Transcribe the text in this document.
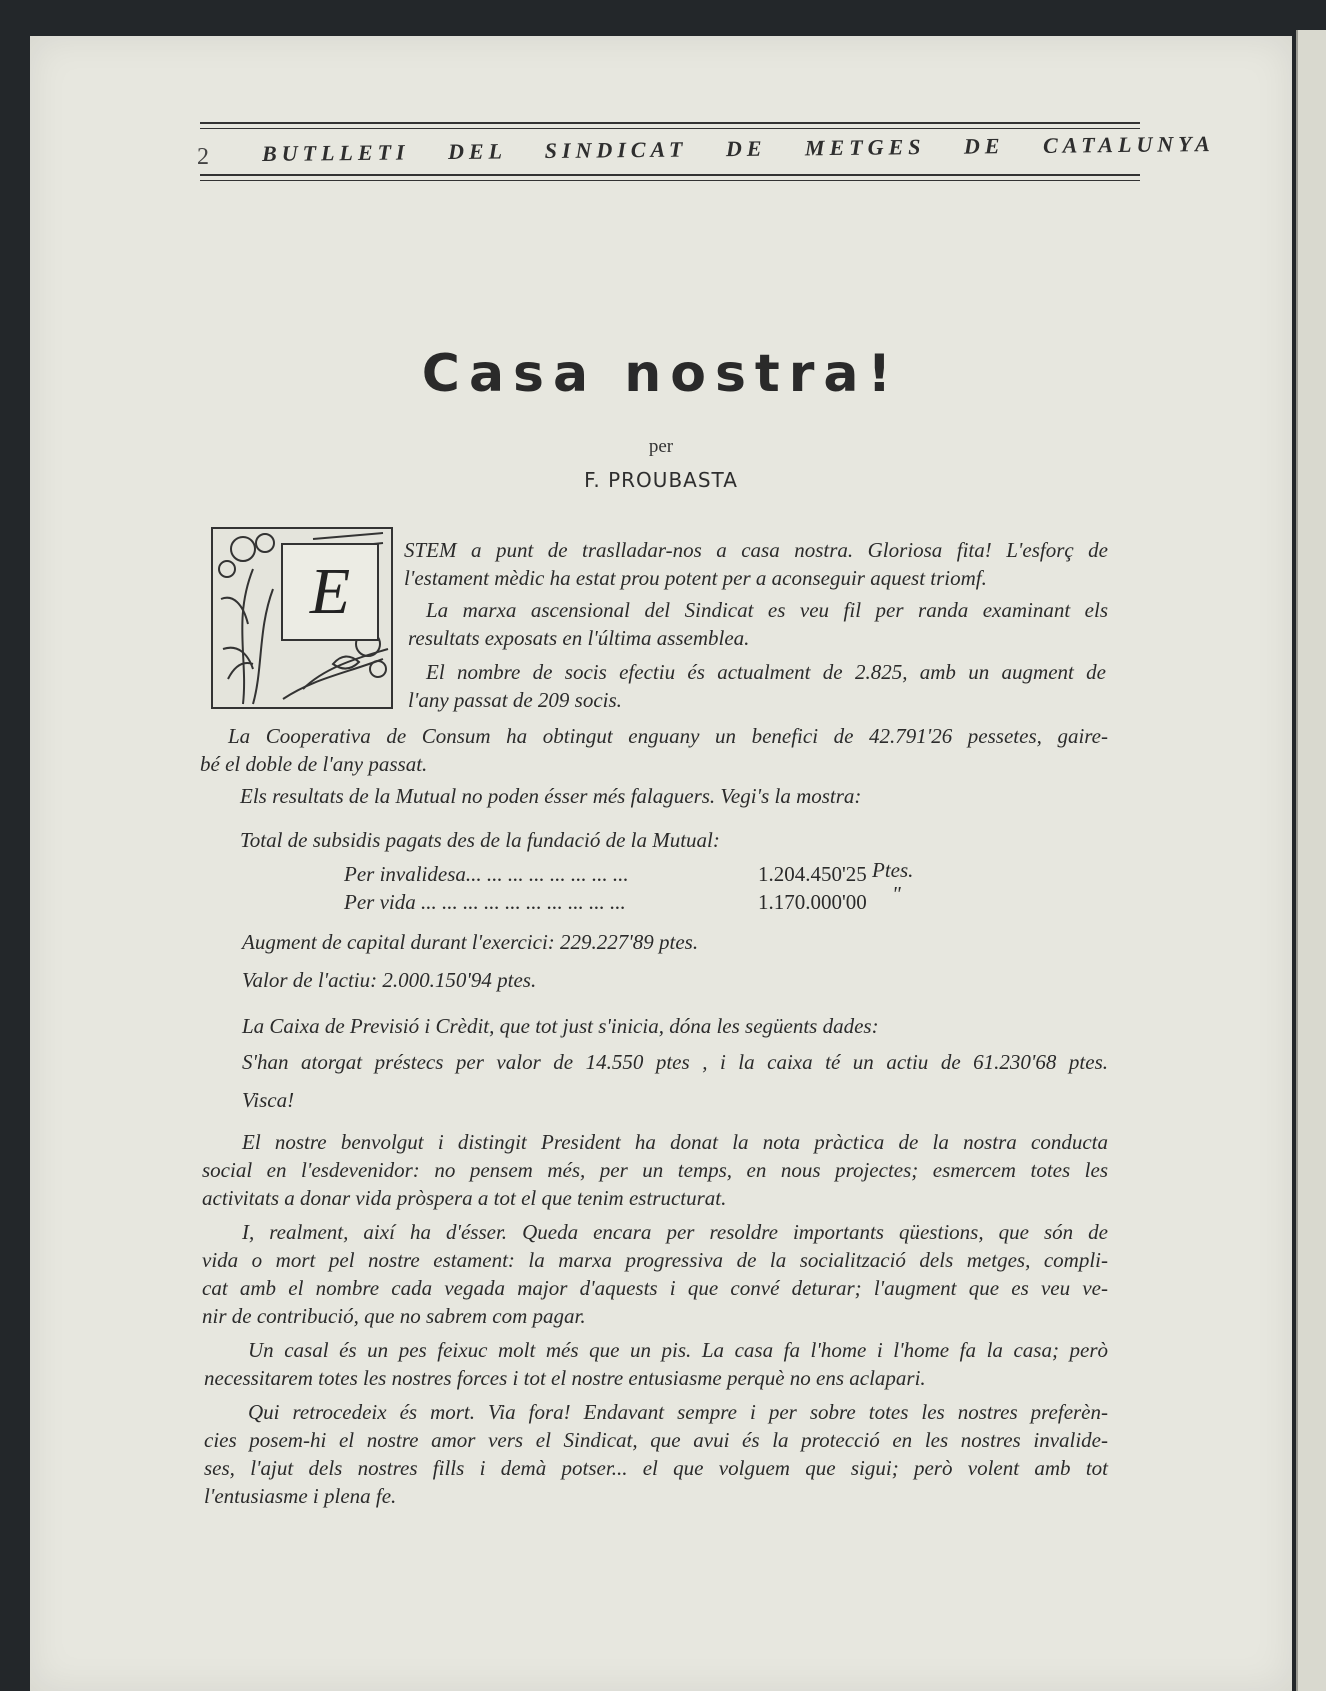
2 BUTLLETI DEL SINDICAT DE METGES DE CATALUNYA
Casa nostra!
per
F. PROUBASTA
E
STEM a punt de traslladar-nos a casa nostra. Gloriosa fita! L'esforç de
l'estament mèdic ha estat prou potent per a aconseguir aquest triomf.
La marxa ascensional del Sindicat es veu fil per randa examinant els
resultats exposats en l'última assemblea.
El nombre de socis efectiu és actualment de 2.825, amb un augment de
l'any passat de 209 socis.
La Cooperativa de Consum ha obtingut enguany un benefici de 42.791'26 pessetes, gaire-
bé el doble de l'any passat.
Els resultats de la Mutual no poden ésser més falaguers. Vegi's la mostra:
Total de subsidis pagats des de la fundació de la Mutual:
Per invalidesa... ... ... ... ... ... ... ...	1.204.450'25 Ptes.
Per vida ... ... ... ... ... ... ... ... ... ...	1.170.000'00 "
Augment de capital durant l'exercici: 229.227'89 ptes.
Valor de l'actiu: 2.000.150'94 ptes.
La Caixa de Previsió i Crèdit, que tot just s'inicia, dóna les següents dades:
S'han atorgat préstecs per valor de 14.550 ptes , i la caixa té un actiu de 61.230'68 ptes.
Visca!
El nostre benvolgut i distingit President ha donat la nota pràctica de la nostra conducta
social en l'esdevenidor: no pensem més, per un temps, en nous projectes; esmercem totes les
activitats a donar vida pròspera a tot el que tenim estructurat.
I, realment, així ha d'ésser. Queda encara per resoldre importants qüestions, que són de
vida o mort pel nostre estament: la marxa progressiva de la socialització dels metges, compli-
cat amb el nombre cada vegada major d'aquests i que convé deturar; l'augment que es veu ve-
nir de contribució, que no sabrem com pagar.
Un casal és un pes feixuc molt més que un pis. La casa fa l'home i l'home fa la casa; però
necessitarem totes les nostres forces i tot el nostre entusiasme perquè no ens aclapari.
Qui retrocedeix és mort. Via fora! Endavant sempre i per sobre totes les nostres preferèn-
cies posem-hi el nostre amor vers el Sindicat, que avui és la protecció en les nostres invalide-
ses, l'ajut dels nostres fills i demà potser... el que volguem que sigui; però volent amb tot
l'entusiasme i plena fe.
